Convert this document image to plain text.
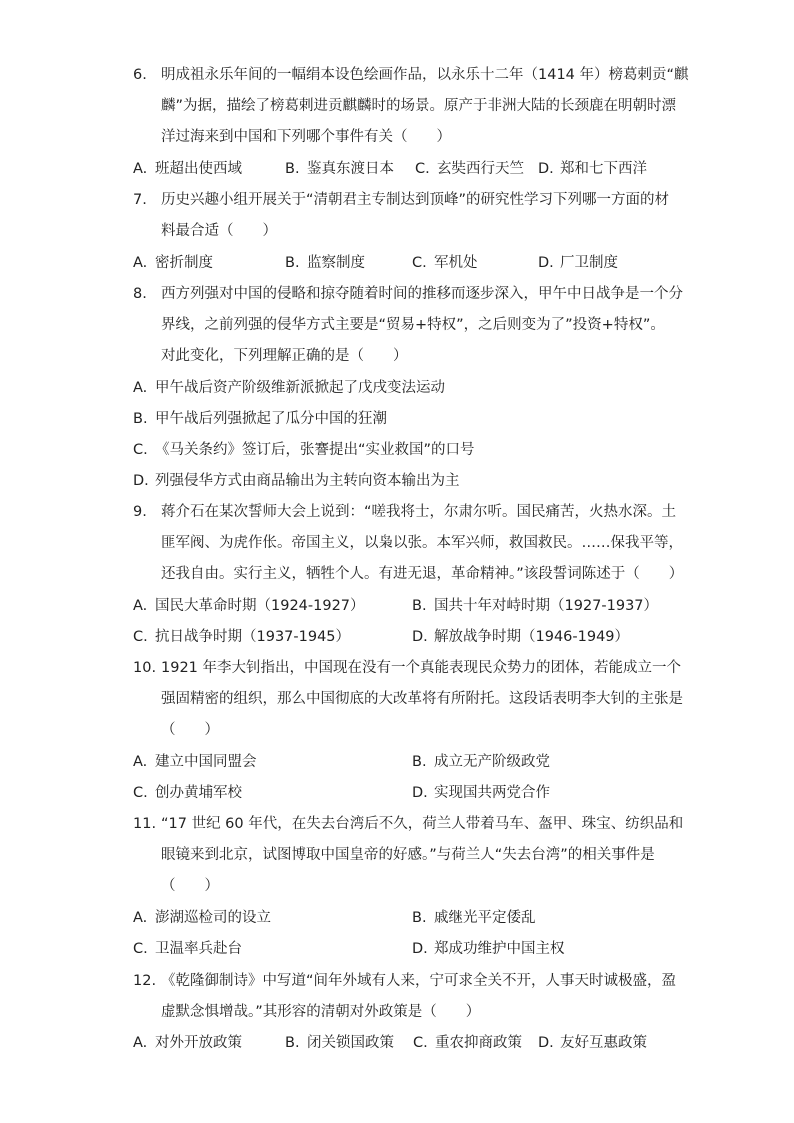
6. 明成祖永乐年间的一幅绢本设色绘画作品，以永乐十二年（1414 年）榜葛剌贡“麒
麟”为据，描绘了榜葛剌进贡麒麟时的场景。原产于非洲大陆的长颈鹿在明朝时漂
洋过海来到中国和下列哪个事件有关（　　）
A. 班超出使西域	B. 鉴真东渡日本 C. 玄奘西行天竺 D. 郑和七下西洋
7. 历史兴趣小组开展关于“清朝君主专制达到顶峰”的研究性学习下列哪一方面的材
料最合适（　　）
A. 密折制度	B. 监察制度	C. 军机处	D. 厂卫制度
8. 西方列强对中国的侵略和掠夺随着时间的推移而逐步深入，甲午中日战争是一个分
界线，之前列强的侵华方式主要是“贸易+特权”，之后则变为了”投资+特权”。
对此变化，下列理解正确的是（　　）
A. 甲午战后资产阶级维新派掀起了戊戌变法运动
B. 甲午战后列强掀起了瓜分中国的狂潮
C. 《马关条约》签订后，张謇提出“实业救国”的口号
D. 列强侵华方式由商品输出为主转向资本输出为主
9. 蒋介石在某次誓师大会上说到：“嗟我将士，尔肃尔听。国民痛苦，火热水深。土
匪军阀、为虎作伥。帝国主义，以枭以张。本军兴师，救国救民。……保我平等，
还我自由。实行主义，牺牲个人。有进无退，革命精神。”该段誓词陈述于（　　）
A. 国民大革命时期（1924-1927）	B. 国共十年对峙时期（1927-1937）
C. 抗日战争时期（1937-1945）	D. 解放战争时期（1946-1949）
10. 1921 年李大钊指出，中国现在没有一个真能表现民众势力的团体，若能成立一个
强固精密的组织，那么中国彻底的大改革将有所附托。这段话表明李大钊的主张是
（　　）
A. 建立中国同盟会	B. 成立无产阶级政党
C. 创办黄埔军校	D. 实现国共两党合作
11. “17 世纪 60 年代，在失去台湾后不久，荷兰人带着马车、盔甲、珠宝、纺织品和
眼镜来到北京，试图博取中国皇帝的好感。”与荷兰人“失去台湾”的相关事件是
（　　）
A. 澎湖巡检司的设立	B. 戚继光平定倭乱
C. 卫温率兵赴台	D. 郑成功维护中国主权
12. 《乾隆御制诗》中写道“间年外域有人来，宁可求全关不开，人事天时诚极盛，盈
虚默念惧增哉。”其形容的清朝对外政策是（　　）
A. 对外开放政策	B. 闭关锁国政策 C. 重农抑商政策 D. 友好互惠政策
